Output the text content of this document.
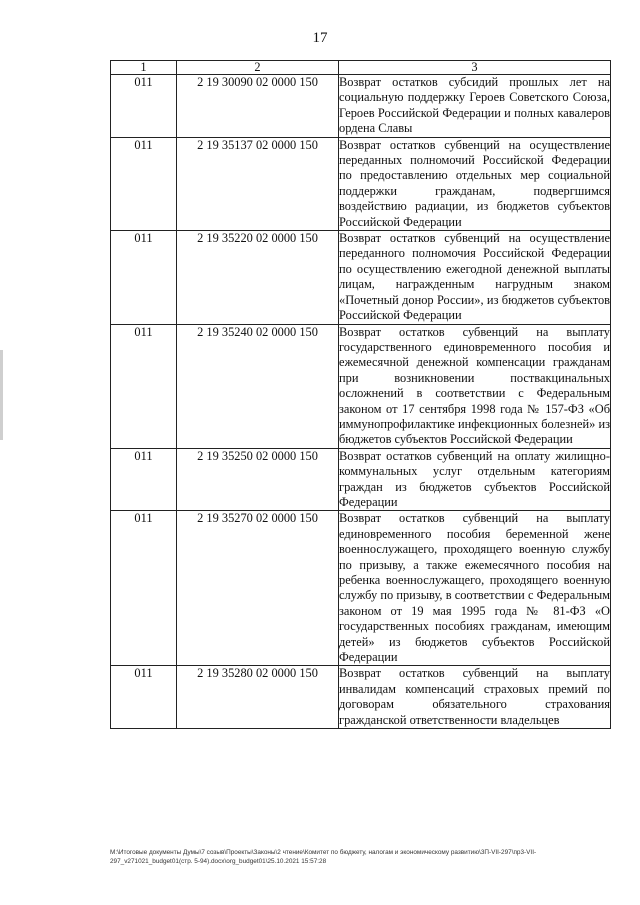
17
1	2	3
011	2 19 30090 02 0000 150	Возврат остатков субсидий прошлых лет на социальную поддержку Героев Советского Союза, Героев Российской Федерации и полных кавалеров ордена Славы
011	2 19 35137 02 0000 150	Возврат остатков субвенций на осуществление переданных полномочий Российской Федерации по предоставлению отдельных мер социальной поддержки гражданам, подвергшимся воздействию радиации, из бюджетов субъектов Российской Федерации
011	2 19 35220 02 0000 150	Возврат остатков субвенций на осуществление переданного полномочия Российской Федерации по осуществлению ежегодной денежной выплаты лицам, награжденным нагрудным знаком «Почетный донор России», из бюджетов субъектов Российской Федерации
011	2 19 35240 02 0000 150	Возврат остатков субвенций на выплату государственного единовременного пособия и ежемесячной денежной компенсации гражданам при возникновении поствакцинальных осложнений в соответствии с Федеральным законом от 17 сентября 1998 года № 157-ФЗ «Об иммунопрофилактике инфекционных болезней» из бюджетов субъектов Российской Федерации
011	2 19 35250 02 0000 150	Возврат остатков субвенций на оплату жилищно-коммунальных услуг отдельным категориям граждан из бюджетов субъектов Российской Федерации
011	2 19 35270 02 0000 150	Возврат остатков субвенций на выплату единовременного пособия беременной жене военнослужащего, проходящего военную службу по призыву, а также ежемесячного пособия на ребенка военнослужащего, проходящего военную службу по призыву, в соответствии с Федеральным законом от 19 мая 1995 года № 81-ФЗ «О государственных пособиях гражданам, имеющим детей» из бюджетов субъектов Российской Федерации
011	2 19 35280 02 0000 150	Возврат остатков субвенций на выплату инвалидам компенсаций страховых премий по договорам обязательного страхования гражданской ответственности владельцев
М:\Итоговые документы Думы\7 созыв\Проекты\Законы\2 чтение\Комитет по бюджету, налогам и экономическому развитию\3П-VII-297\пр3-VII-
297_v271021_budget01(стр. 5-94).docx\org_budget01\25.10.2021 15:57:28
